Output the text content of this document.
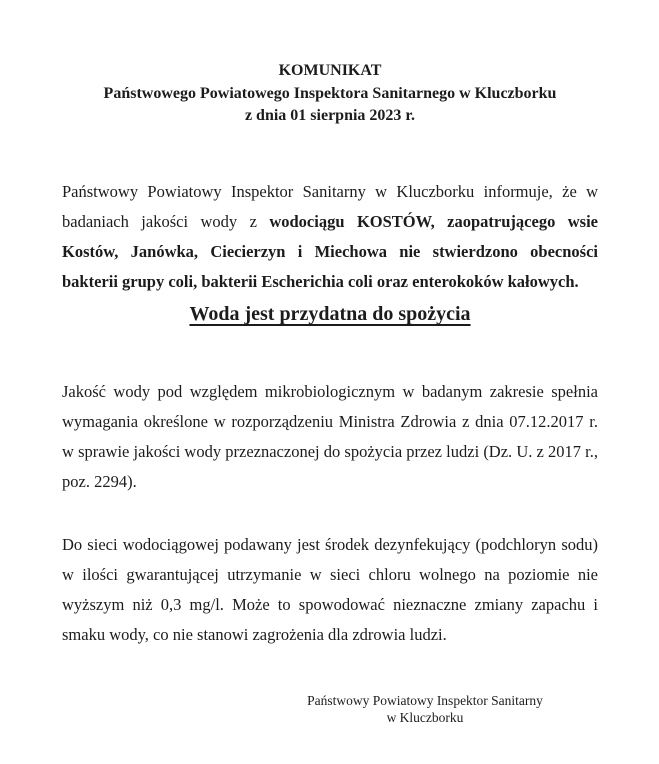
KOMUNIKAT
Państwowego Powiatowego Inspektora Sanitarnego w Kluczborku
z dnia 01 sierpnia 2023 r.

Państwowy Powiatowy Inspektor Sanitarny w Kluczborku informuje, że w badaniach jakości wody z wodociągu KOSTÓW, zaopatrującego wsie Kostów, Janówka, Ciecierzyn i Miechowa nie stwierdzono obecności bakterii grupy coli, bakterii Escherichia coli oraz enterokoków kałowych.

Woda jest przydatna do spożycia

Jakość wody pod względem mikrobiologicznym w badanym zakresie spełnia wymagania określone w rozporządzeniu Ministra Zdrowia z dnia 07.12.2017 r. w sprawie jakości wody przeznaczonej do spożycia przez ludzi (Dz. U. z 2017 r., poz. 2294).

Do sieci wodociągowej podawany jest środek dezynfekujący (podchloryn sodu) w ilości gwarantującej utrzymanie w sieci chloru wolnego na poziomie nie wyższym niż 0,3 mg/l. Może to spowodować nieznaczne zmiany zapachu i smaku wody, co nie stanowi zagrożenia dla zdrowia ludzi.

Państwowy Powiatowy Inspektor Sanitarny
w Kluczborku
